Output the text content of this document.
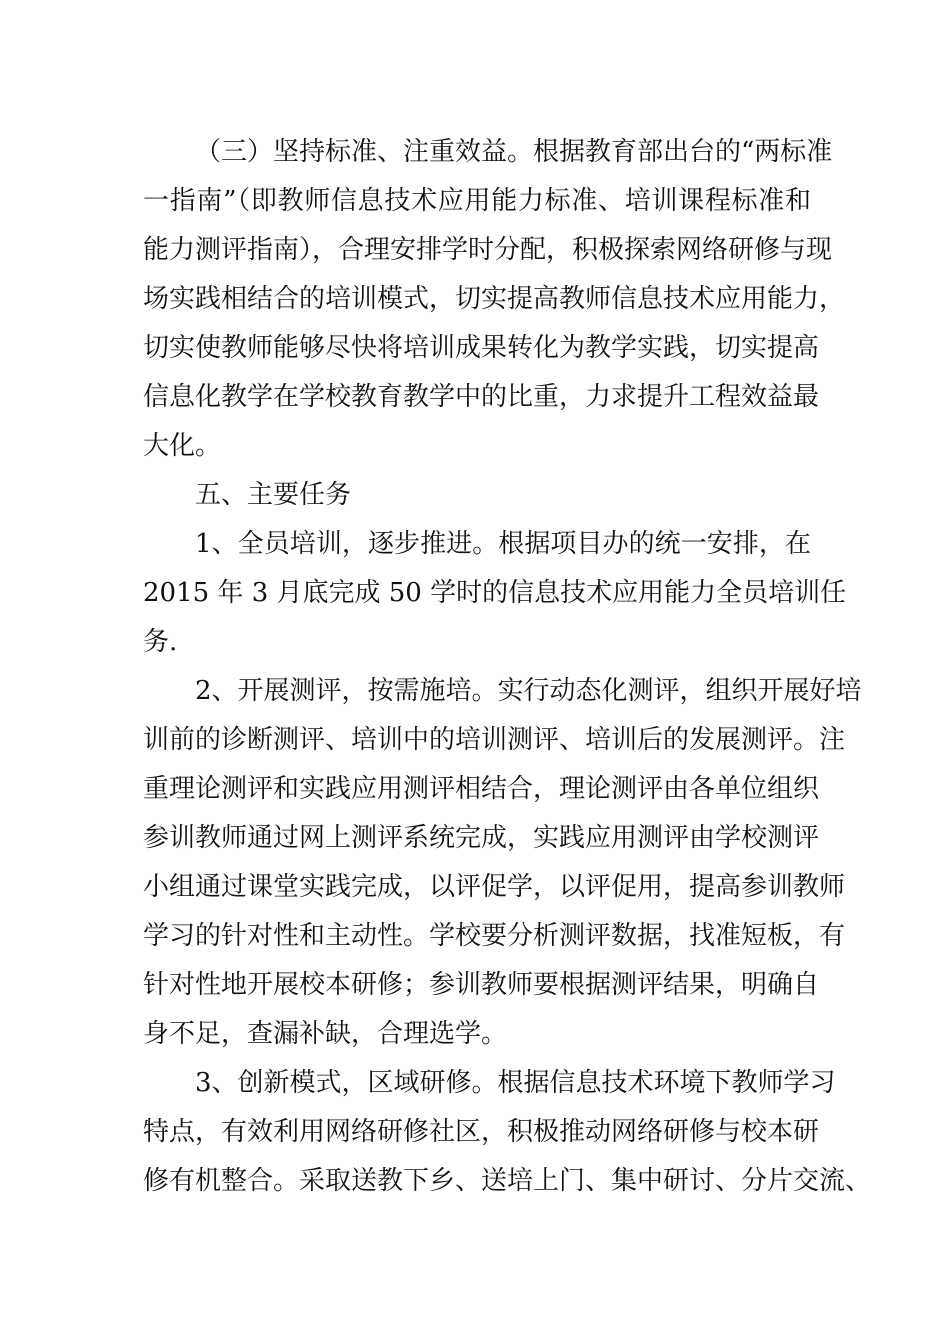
（三）坚持标准、注重效益。根据教育部出台的“两标准
一指南”（即教师信息技术应用能力标准、培训课程标准和
能力测评指南），合理安排学时分配，积极探索网络研修与现
场实践相结合的培训模式，切实提高教师信息技术应用能力，
切实使教师能够尽快将培训成果转化为教学实践，切实提高
信息化教学在学校教育教学中的比重，力求提升工程效益最
大化。
五、主要任务
1、全员培训，逐步推进。根据项目办的统一安排，在
2015 年 3 月底完成 50 学时的信息技术应用能力全员培训任
务.
2、开展测评，按需施培。实行动态化测评，组织开展好培
训前的诊断测评、培训中的培训测评、培训后的发展测评。注
重理论测评和实践应用测评相结合，理论测评由各单位组织
参训教师通过网上测评系统完成，实践应用测评由学校测评
小组通过课堂实践完成，以评促学，以评促用，提高参训教师
学习的针对性和主动性。学校要分析测评数据，找准短板，有
针对性地开展校本研修；参训教师要根据测评结果，明确自
身不足，查漏补缺，合理选学。
3、创新模式，区域研修。根据信息技术环境下教师学习
特点，有效利用网络研修社区，积极推动网络研修与校本研
修有机整合。采取送教下乡、送培上门、集中研讨、分片交流、
